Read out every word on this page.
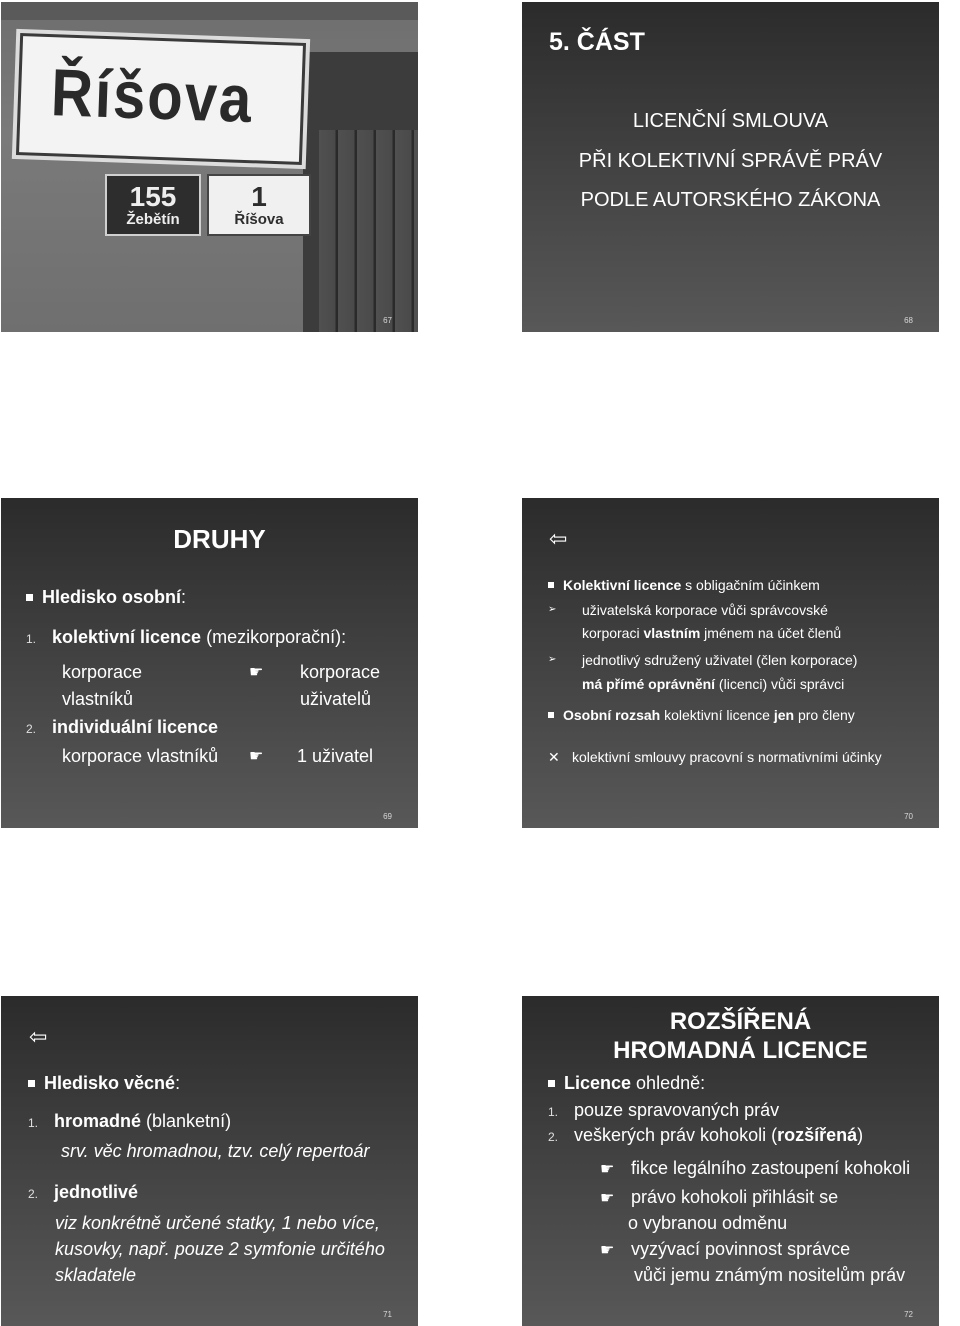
Říšova
155
Žebětín
1
Říšova
67
5. ČÁST
LICENČNÍ SMLOUVA
PŘI KOLEKTIVNÍ SPRÁVĚ PRÁV
PODLE AUTORSKÉHO ZÁKONA
68
DRUHY
Hledisko osobní:
1. kolektivní licence (mezikorporační):
korporace
vlastníků
☛ korporace
uživatelů
2. individuální licence
korporace vlastníků ☛ 1 uživatel
69
⇦
Kolektivní licence s obligačním účinkem
➢ uživatelská korporace vůči správcovské
korporaci vlastním jménem na účet členů
➢ jednotlivý sdružený uživatel (člen korporace)
má přímé oprávnění (licenci) vůči správci
Osobní rozsah kolektivní licence jen pro členy
✕ kolektivní smlouvy pracovní s normativními účinky
70
⇦
Hledisko věcné:
1. hromadné (blanketní)
srv. věc hromadnou, tzv. celý repertoár
2. jednotlivé
viz konkrétně určené statky, 1 nebo více,
kusovky, např. pouze 2 symfonie určitého
skladatele
71
ROZŠÍŘENÁ
HROMADNÁ LICENCE
Licence ohledně:
1. pouze spravovaných práv
2. veškerých práv kohokoli (rozšířená)
☛ fikce legálního zastoupení kohokoli
☛ právo kohokoli přihlásit se
o vybranou odměnu
☛ vyzývací povinnost správce
vůči jemu známým nositelům práv
72
